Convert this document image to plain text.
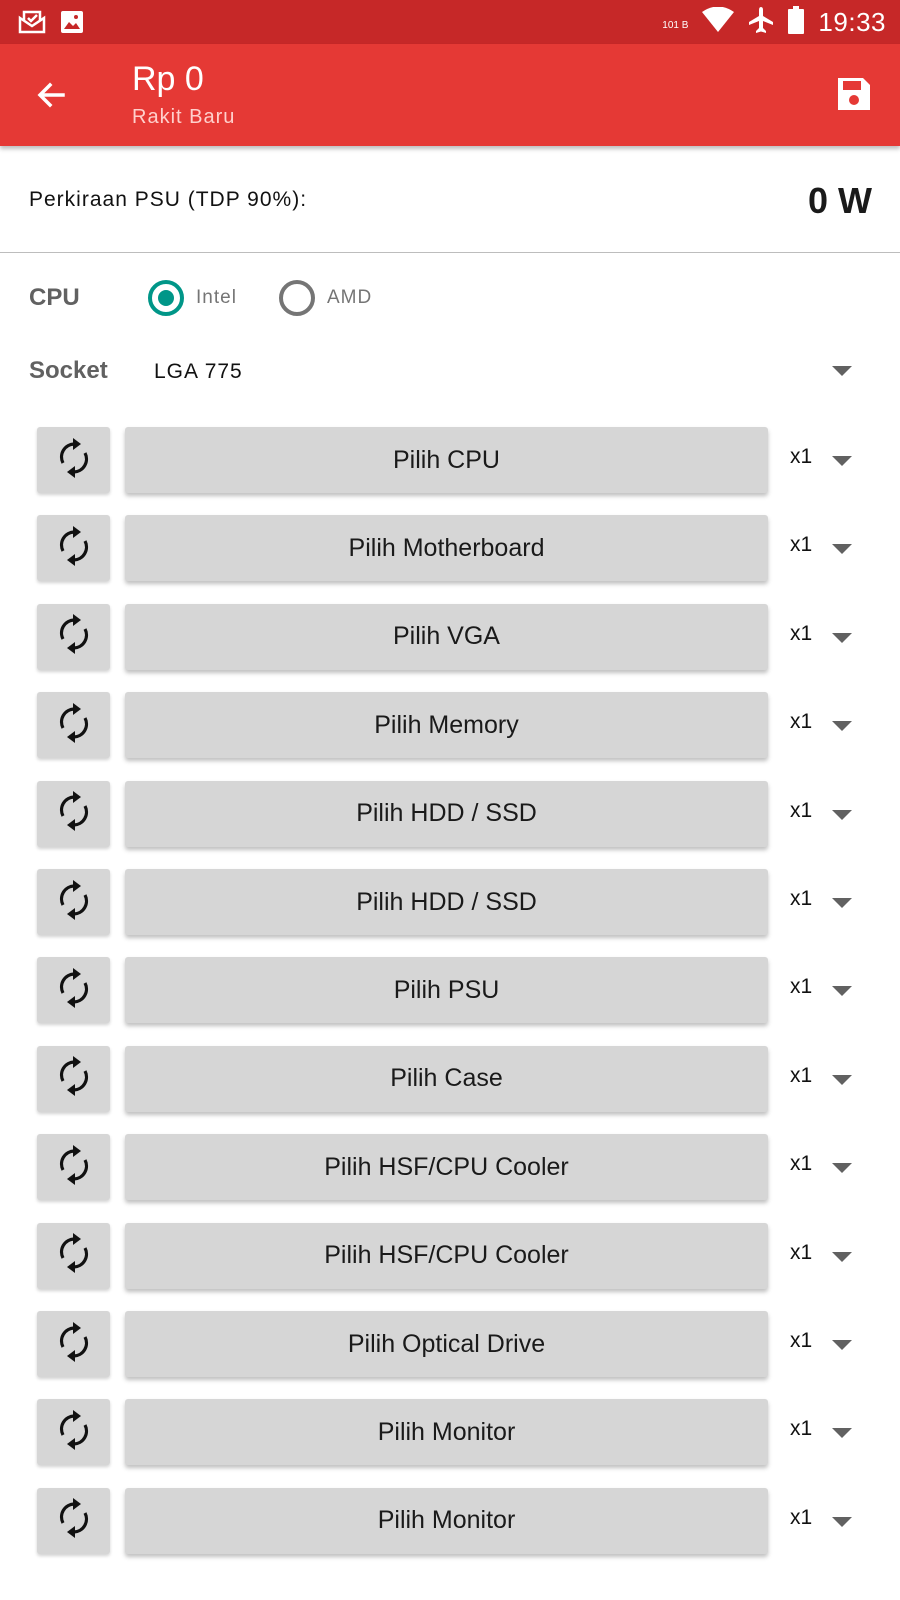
101 B	19:33
Rp 0
Rakit Baru
Perkiraan PSU (TDP 90%):	0 W
CPU	Intel	AMD
Socket LGA 775
Pilih CPU	x1
Pilih Motherboard	x1
Pilih VGA	x1
Pilih Memory	x1
Pilih HDD / SSD	x1
Pilih HDD / SSD	x1
Pilih PSU	x1
Pilih Case	x1
Pilih HSF/CPU Cooler	x1
Pilih HSF/CPU Cooler	x1
Pilih Optical Drive	x1
Pilih Monitor	x1
Pilih Monitor	x1
